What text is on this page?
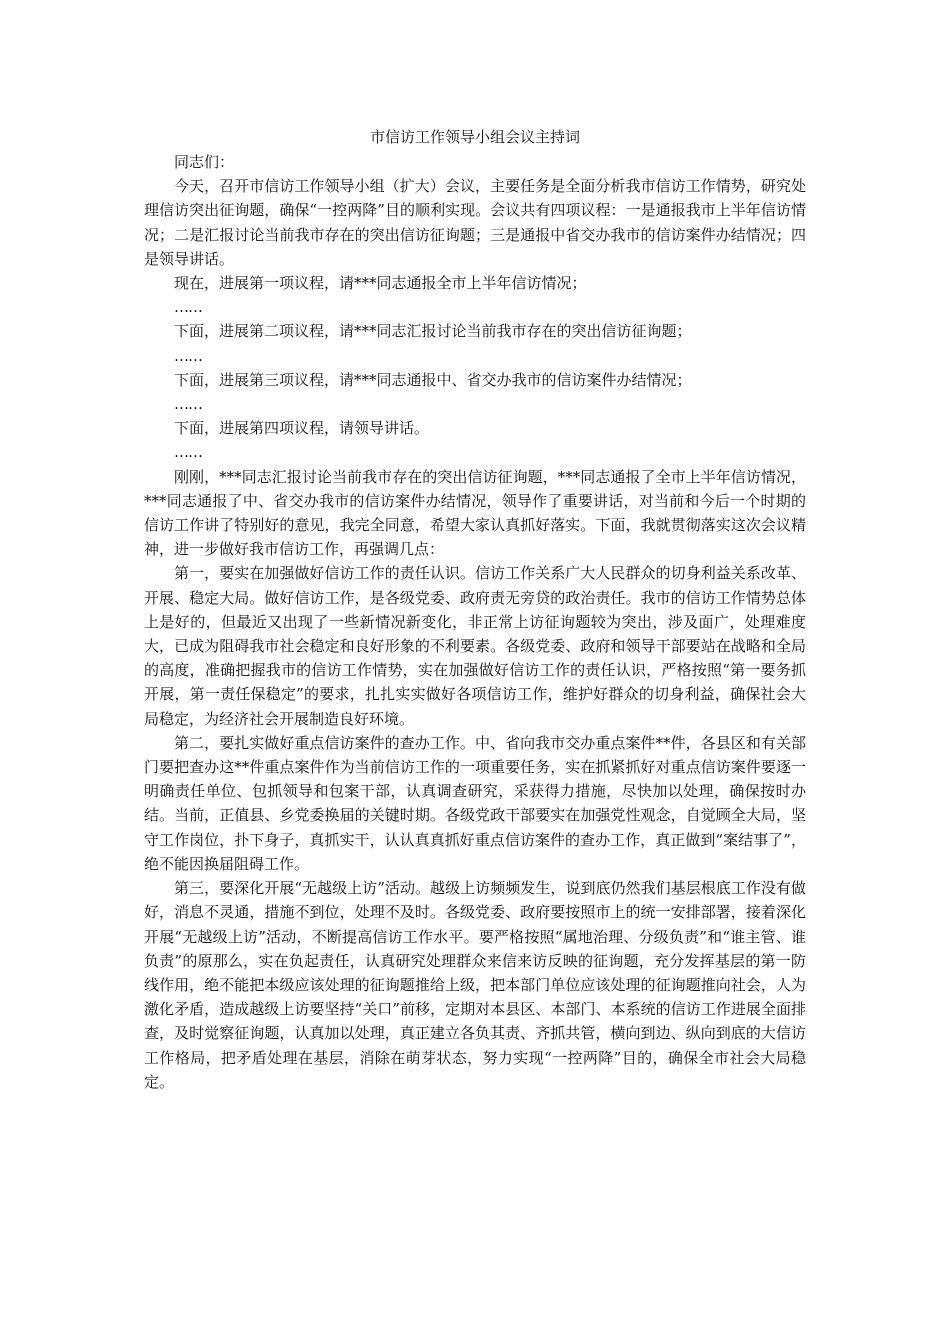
市信访工作领导小组会议主持词

同志们：

今天，召开市信访工作领导小组（扩大）会议，主要任务是全面分析我市信访工作情势，研究处理信访突出征询题，确保“一控两降”目的顺利实现。会议共有四项议程：一是通报我市上半年信访情况；二是汇报讨论当前我市存在的突出信访征询题；三是通报中省交办我市的信访案件办结情况；四是领导讲话。

现在，进展第一项议程，请***同志通报全市上半年信访情况；

……

下面，进展第二项议程，请***同志汇报讨论当前我市存在的突出信访征询题；

……

下面，进展第三项议程，请***同志通报中、省交办我市的信访案件办结情况；

……

下面，进展第四项议程，请领导讲话。

……

刚刚，***同志汇报讨论当前我市存在的突出信访征询题，***同志通报了全市上半年信访情况，***同志通报了中、省交办我市的信访案件办结情况，领导作了重要讲话，对当前和今后一个时期的信访工作讲了特别好的意见，我完全同意，希望大家认真抓好落实。下面，我就贯彻落实这次会议精神，进一步做好我市信访工作，再强调几点：

第一，要实在加强做好信访工作的责任认识。信访工作关系广大人民群众的切身利益关系改革、开展、稳定大局。做好信访工作，是各级党委、政府责无旁贷的政治责任。我市的信访工作情势总体上是好的，但最近又出现了一些新情况新变化，非正常上访征询题较为突出，涉及面广，处理难度大，已成为阻碍我市社会稳定和良好形象的不利要素。各级党委、政府和领导干部要站在战略和全局的高度，准确把握我市的信访工作情势，实在加强做好信访工作的责任认识，严格按照“第一要务抓开展，第一责任保稳定”的要求，扎扎实实做好各项信访工作，维护好群众的切身利益，确保社会大局稳定，为经济社会开展制造良好环境。

第二，要扎实做好重点信访案件的查办工作。中、省向我市交办重点案件**件，各县区和有关部门要把查办这**件重点案件作为当前信访工作的一项重要任务，实在抓紧抓好对重点信访案件要逐一明确责任单位、包抓领导和包案干部，认真调查研究，采获得力措施，尽快加以处理，确保按时办结。当前，正值县、乡党委换届的关键时期。各级党政干部要实在加强党性观念，自觉顾全大局，坚守工作岗位，扑下身子，真抓实干，认认真真抓好重点信访案件的查办工作，真正做到“案结事了”，绝不能因换届阻碍工作。

第三，要深化开展“无越级上访”活动。越级上访频频发生，说到底仍然我们基层根底工作没有做好，消息不灵通，措施不到位，处理不及时。各级党委、政府要按照市上的统一安排部署，接着深化开展“无越级上访”活动，不断提高信访工作水平。要严格按照“属地治理、分级负责”和“谁主管、谁负责”的原那么，实在负起责任，认真研究处理群众来信来访反映的征询题，充分发挥基层的第一防线作用，绝不能把本级应该处理的征询题推给上级，把本部门单位应该处理的征询题推向社会，人为激化矛盾，造成越级上访要坚持“关口”前移，定期对本县区、本部门、本系统的信访工作进展全面排查，及时觉察征询题，认真加以处理，真正建立各负其责、齐抓共管，横向到边、纵向到底的大信访工作格局，把矛盾处理在基层，消除在萌芽状态，努力实现“一控两降”目的，确保全市社会大局稳定。
